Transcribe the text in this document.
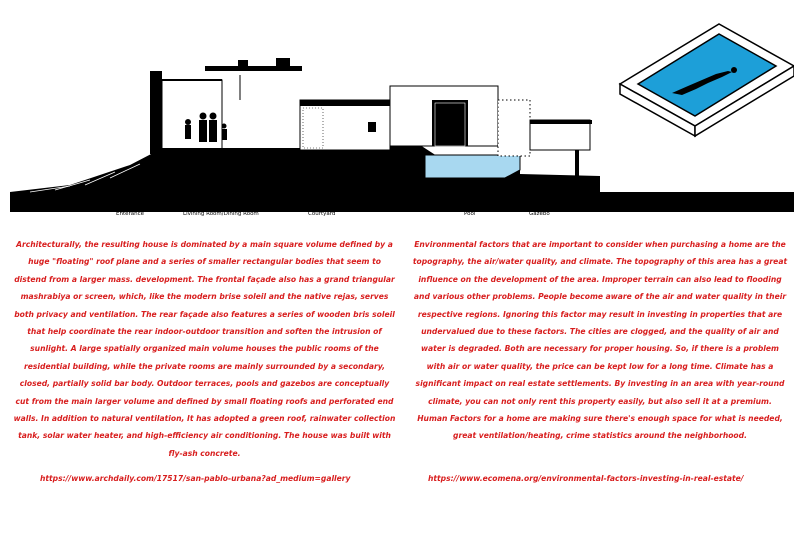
Enterance	Livining Room/Dining Room	Courtyard	Pool	Gazebo

Architecturally, the resulting house is dominated by a main square volume defined by a huge "floating" roof plane and a series of smaller rectangular bodies that seem to distend from a larger mass. development. The frontal façade also has a grand triangular mashrabiya or screen, which, like the modern brise soleil and the native rejas, serves both privacy and ventilation. The rear façade also features a series of wooden bris soleil that help coordinate the rear indoor-outdoor transition and soften the intrusion of sunlight. A large spatially organized main volume houses the public rooms of the residential building, while the private rooms are mainly surrounded by a secondary, closed, partially solid bar body. Outdoor terraces, pools and gazebos are conceptually cut from the main larger volume and defined by small floating roofs and perforated end walls. In addition to natural ventilation, It has adopted a green roof, rainwater collection tank, solar water heater, and high-efficiency air conditioning. The house was built with fly-ash concrete.

Environmental factors that are important to consider when purchasing a home are the topography, the air/water quality, and climate. The topography of this area has a great influence on the development of the area. Improper terrain can also lead to flooding and various other problems. People become aware of the air and water quality in their respective regions. Ignoring this factor may result in investing in properties that are undervalued due to these factors. The cities are clogged, and the quality of air and water is degraded. Both are necessary for proper housing. So, if there is a problem with air or water quality, the price can be kept low for a long time. Climate has a significant impact on real estate settlements. By investing in an area with year-round climate, you can not only rent this property easily, but also sell it at a premium. Human Factors for a home are making sure there's enough space for what is needed, great ventilation/heating, crime statistics around the neighborhood.

https://www.archdaily.com/17517/san-pablo-urbana?ad_medium=gallery	https://www.ecomena.org/environmental-factors-investing-in-real-estate/
